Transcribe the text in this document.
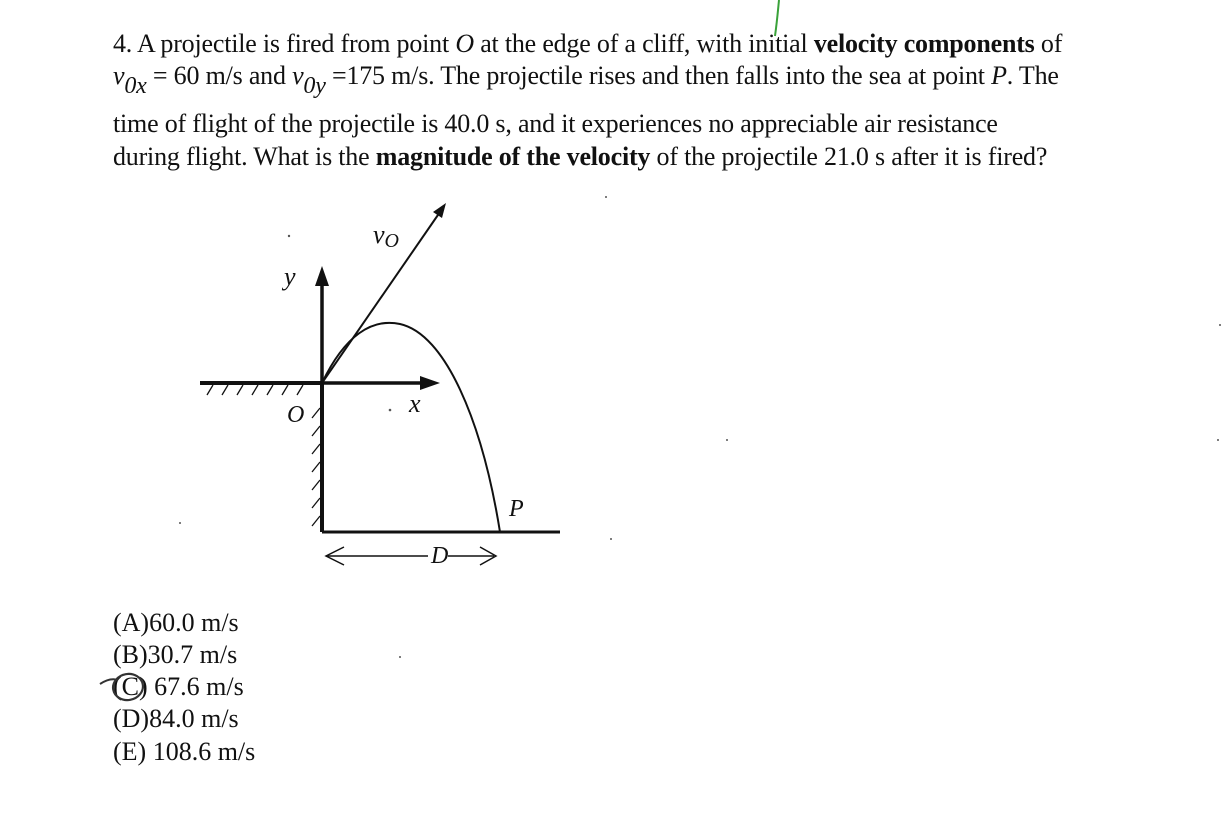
4. A projectile is fired from point O at the edge of a cliff, with initial velocity components of
v0x = 60 m/s and v0y =175 m/s. The projectile rises and then falls into the sea at point P. The
time of flight of the projectile is 40.0 s, and it experiences no appreciable air resistance
during flight. What is the magnitude of the velocity of the projectile 21.0 s after it is fired?
vO
y
x
O
P
D
(A)60.0 m/s
(B)30.7 m/s
(C) 67.6 m/s
(D)84.0 m/s
(E) 108.6 m/s
